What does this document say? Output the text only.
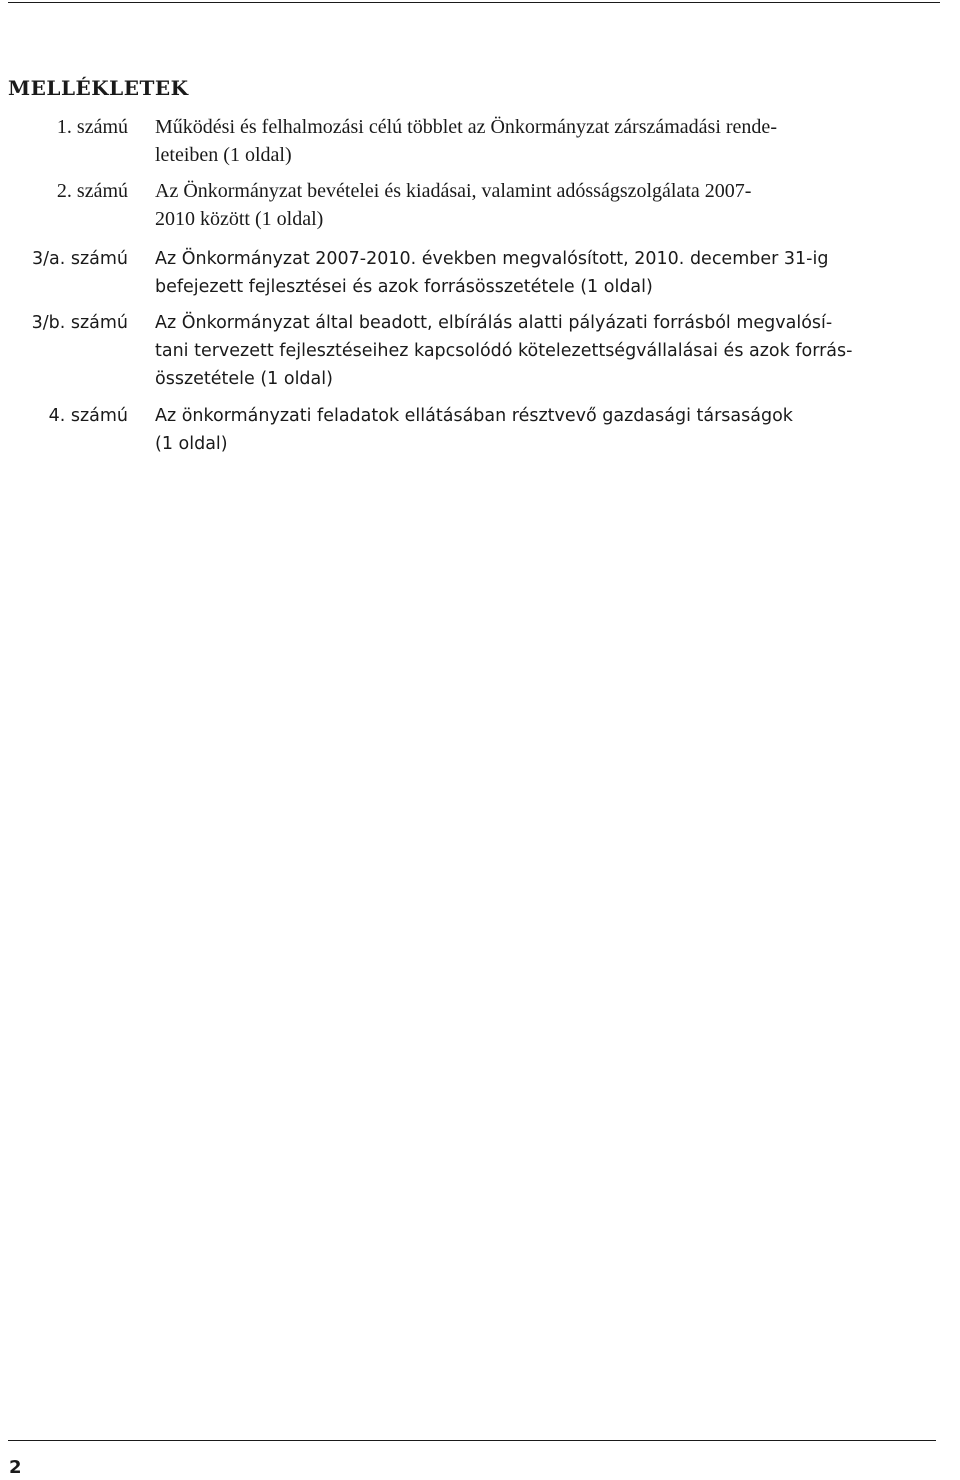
MELLÉKLETEK
1. számú Működési és felhalmozási célú többlet az Önkormányzat zárszámadási rende-
leteiben (1 oldal)
2. számú Az Önkormányzat bevételei és kiadásai, valamint adósságszolgálata 2007-
2010 között (1 oldal)
3/a. számú Az Önkormányzat 2007-2010. években megvalósított, 2010. december 31-ig
befejezett fejlesztései és azok forrásösszetétele (1 oldal)
3/b. számú Az Önkormányzat által beadott, elbírálás alatti pályázati forrásból megvalósí-
tani tervezett fejlesztéseihez kapcsolódó kötelezettségvállalásai és azok forrás-
összetétele (1 oldal)
4. számú Az önkormányzati feladatok ellátásában résztvevő gazdasági társaságok
(1 oldal)
2
